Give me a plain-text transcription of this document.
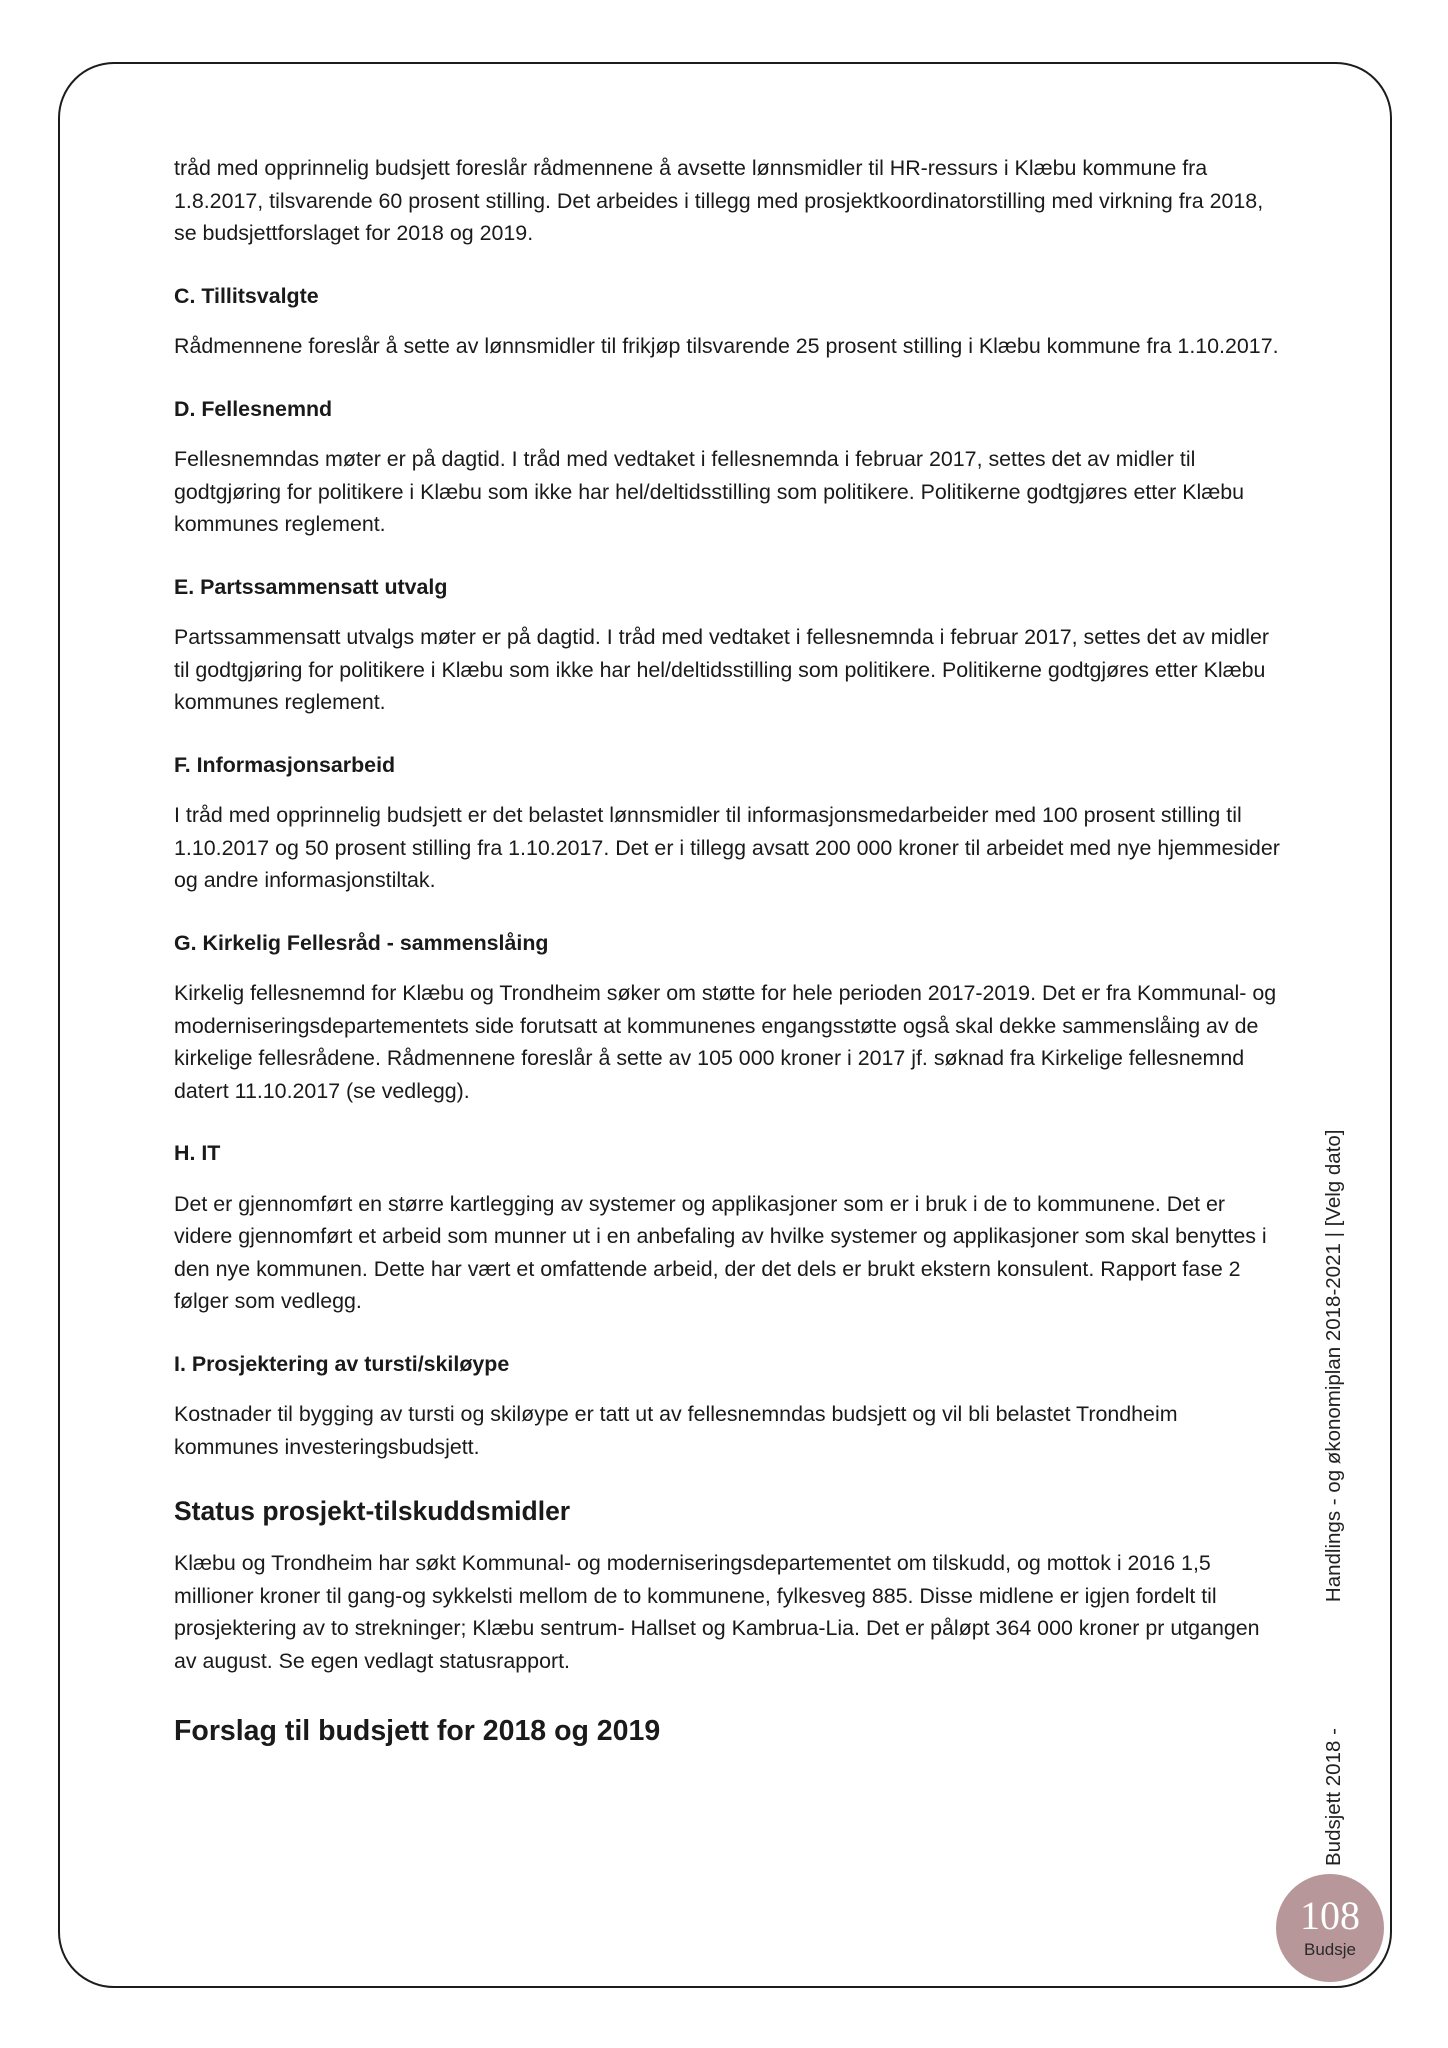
tråd med opprinnelig budsjett foreslår rådmennene å avsette lønnsmidler til HR-ressurs i Klæbu kommune fra 1.8.2017, tilsvarende 60 prosent stilling. Det arbeides i tillegg med prosjektkoordinatorstilling med virkning fra 2018, se budsjettforslaget for 2018 og 2019.

C. Tillitsvalgte

Rådmennene foreslår å sette av lønnsmidler til frikjøp tilsvarende 25 prosent stilling i Klæbu kommune fra 1.10.2017.

D. Fellesnemnd

Fellesnemndas møter er på dagtid. I tråd med vedtaket i fellesnemnda i februar 2017, settes det av midler til godtgjøring for politikere i Klæbu som ikke har hel/deltidsstilling som politikere. Politikerne godtgjøres etter Klæbu kommunes reglement.

E. Partssammensatt utvalg

Partssammensatt utvalgs møter er på dagtid. I tråd med vedtaket i fellesnemnda i februar 2017, settes det av midler til godtgjøring for politikere i Klæbu som ikke har hel/deltidsstilling som politikere. Politikerne godtgjøres etter Klæbu kommunes reglement.

F. Informasjonsarbeid

I tråd med opprinnelig budsjett er det belastet lønnsmidler til informasjonsmedarbeider med 100 prosent stilling til 1.10.2017 og 50 prosent stilling fra 1.10.2017. Det er i tillegg avsatt 200 000 kroner til arbeidet med nye hjemmesider og andre informasjonstiltak.

G. Kirkelig Fellesråd - sammenslåing

Kirkelig fellesnemnd for Klæbu og Trondheim søker om støtte for hele perioden 2017-2019. Det er fra Kommunal- og moderniseringsdepartementets side forutsatt at kommunenes engangsstøtte også skal dekke sammenslåing av de kirkelige fellesrådene. Rådmennene foreslår å sette av 105 000 kroner i 2017 jf. søknad fra Kirkelige fellesnemnd datert 11.10.2017 (se vedlegg).

H. IT

Det er gjennomført en større kartlegging av systemer og applikasjoner som er i bruk i de to kommunene. Det er videre gjennomført et arbeid som munner ut i en anbefaling av hvilke systemer og applikasjoner som skal benyttes i den nye kommunen. Dette har vært et omfattende arbeid, der det dels er brukt ekstern konsulent. Rapport fase 2 følger som vedlegg.

I. Prosjektering av tursti/skiløype

Kostnader til bygging av tursti og skiløype er tatt ut av fellesnemndas budsjett og vil bli belastet Trondheim kommunes investeringsbudsjett.

Status prosjekt-tilskuddsmidler

Klæbu og Trondheim har søkt Kommunal- og moderniseringsdepartementet om tilskudd, og mottok i 2016 1,5 millioner kroner til gang-og sykkelsti mellom de to kommunene, fylkesveg 885. Disse midlene er igjen fordelt til prosjektering av to strekninger; Klæbu sentrum- Hallset og Kambrua-Lia. Det er påløpt 364 000 kroner pr utgangen av august. Se egen vedlagt statusrapport.

Forslag til budsjett for 2018 og 2019	Budsjett 2018 -Handlings - og økonomiplan 2018-2021 | [Velg dato]
108
Budsje
